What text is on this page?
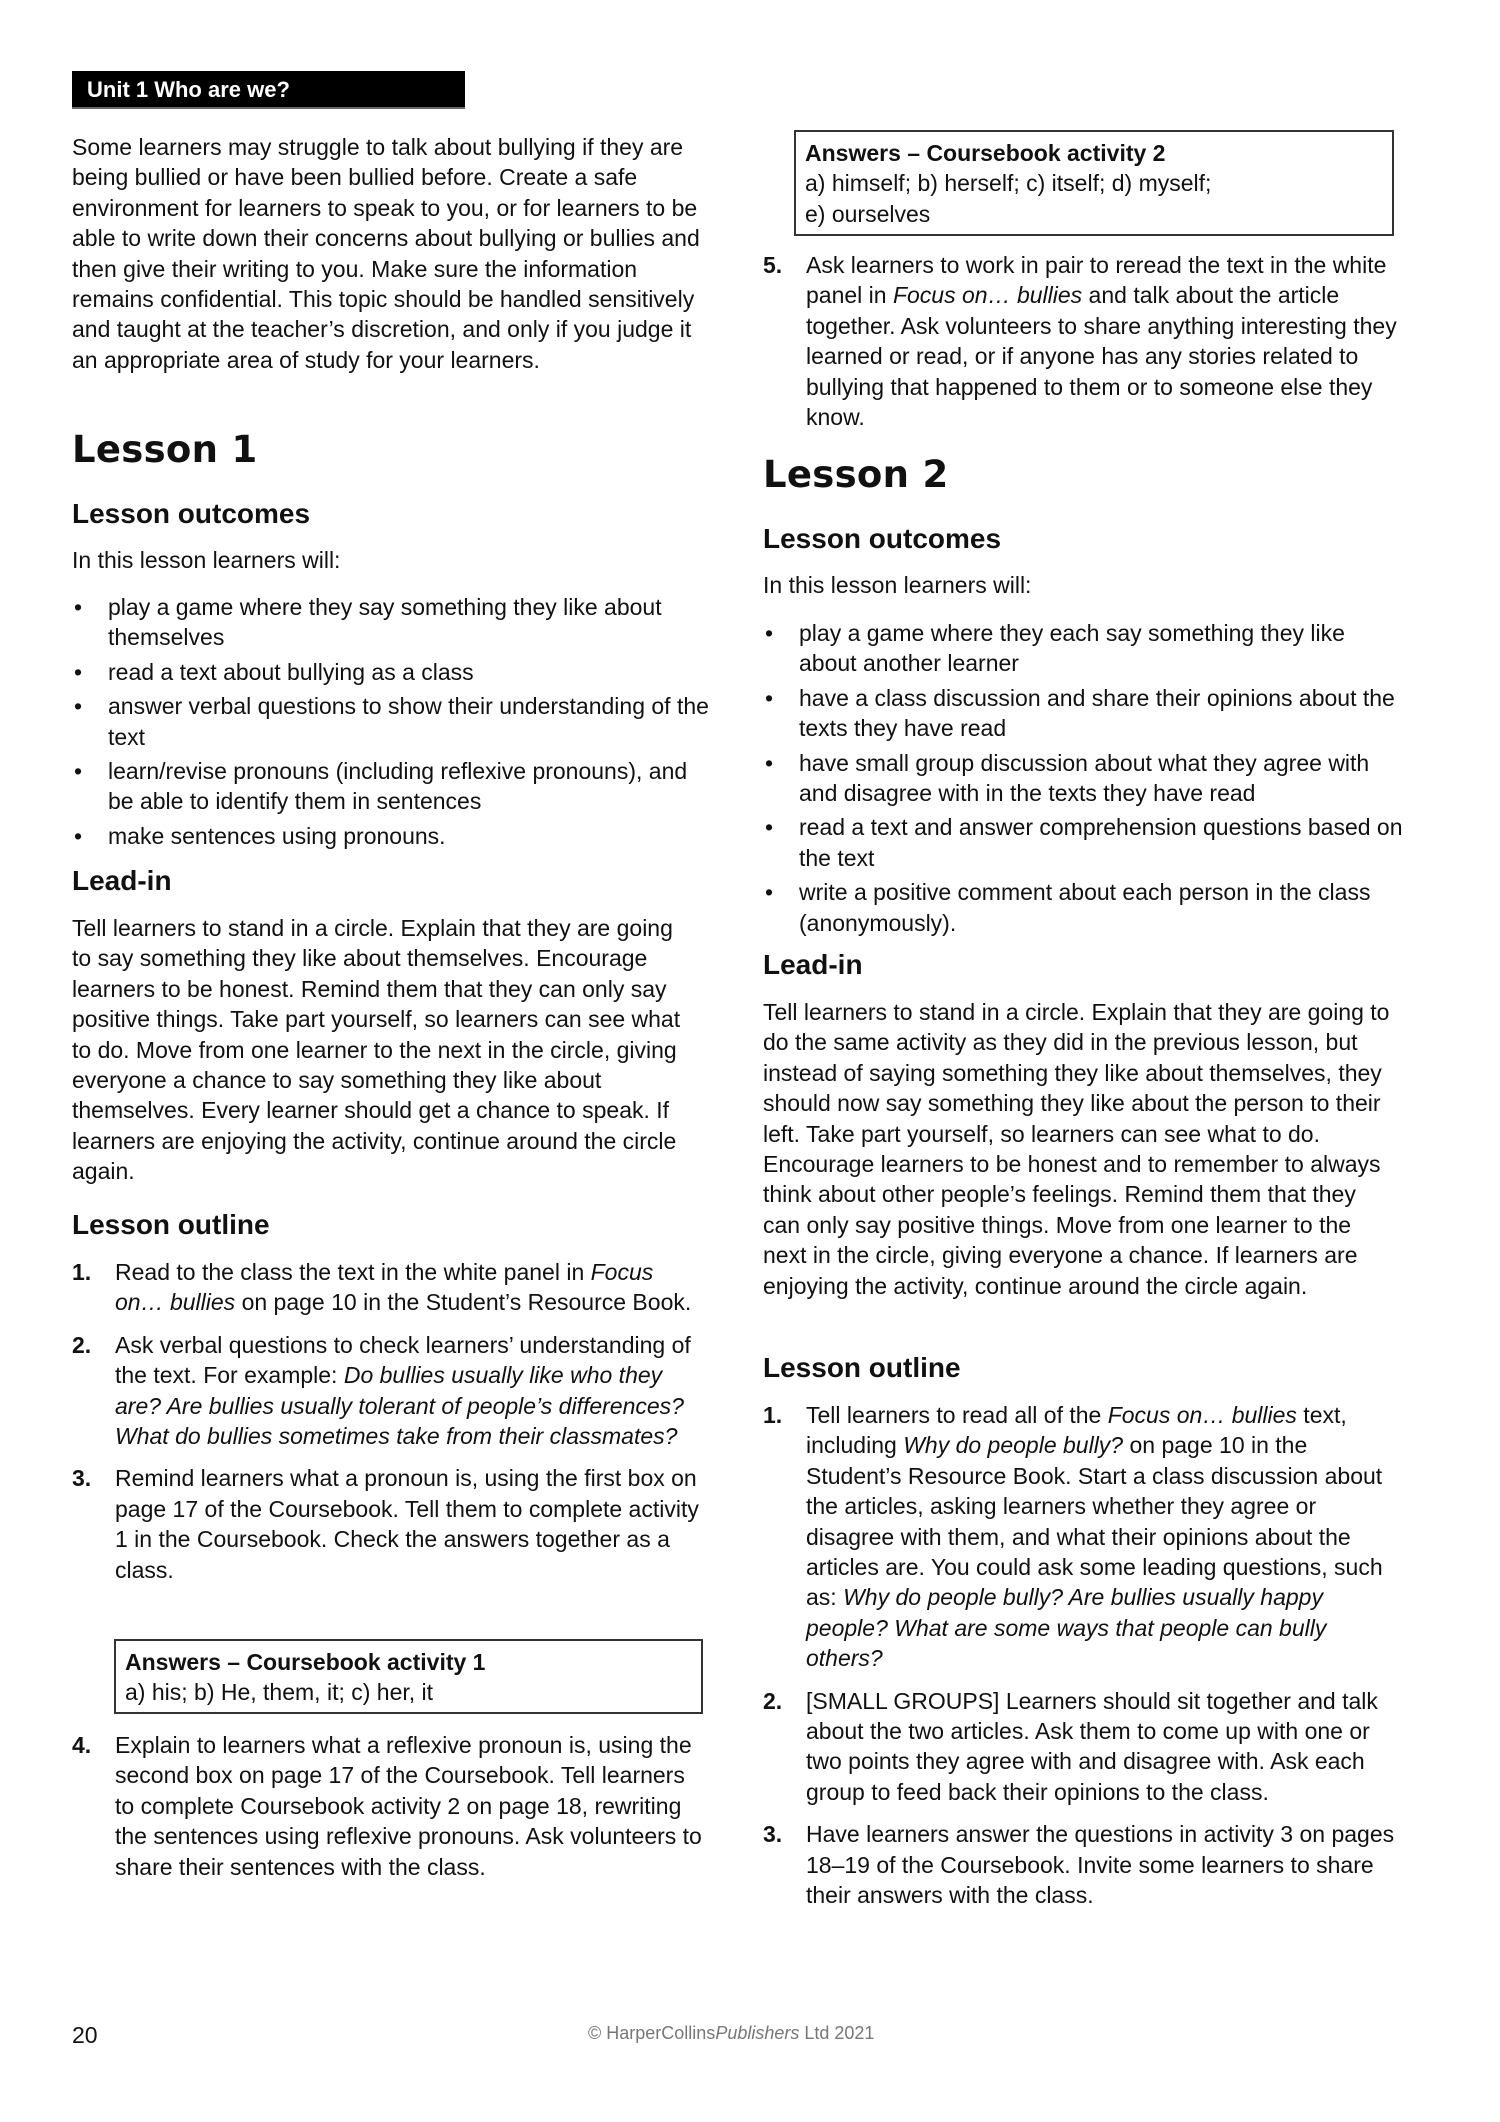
Unit 1 Who are we?

Some learners may struggle to talk about bullying if they are being bullied or have been bullied before. Create a safe environment for learners to speak to you, or for learners to be able to write down their concerns about bullying or bullies and then give their writing to you. Make sure the information remains confidential. This topic should be handled sensitively and taught at the teacher’s discretion, and only if you judge it an appropriate area of study for your learners.

Lesson 1
Lesson outcomes

In this lesson learners will:

• play a game where they say something they like about themselves
• read a text about bullying as a class
• answer verbal questions to show their understanding of the text
• learn/revise pronouns (including reflexive pronouns), and be able to identify them in sentences
• make sentences using pronouns.
Lead-in

Tell learners to stand in a circle. Explain that they are going to say something they like about themselves. Encourage learners to be honest. Remind them that they can only say positive things. Take part yourself, so learners can see what to do. Move from one learner to the next in the circle, giving everyone a chance to say something they like about themselves. Every learner should get a chance to speak. If learners are enjoying the activity, continue around the circle again.

Lesson outline
1. Read to the class the text in the white panel in Focus on… bullies on page 10 in the Student’s Resource Book.
2. Ask verbal questions to check learners’ understanding of the text. For example: Do bullies usually like who they are? Are bullies usually tolerant of people’s differences? What do bullies sometimes take from their classmates?
3. Remind learners what a pronoun is, using the first box on page 17 of the Coursebook. Tell them to complete activity 1 in the Coursebook. Check the answers together as a class.
Answers – Coursebook activity 1
a) his; b) He, them, it; c) her, it
4. Explain to learners what a reflexive pronoun is, using the second box on page 17 of the Coursebook. Tell learners to complete Coursebook activity 2 on page 18, rewriting the sentences using reflexive pronouns. Ask volunteers to share their sentences with the class.
Answers – Coursebook activity 2
a) himself; b) herself; c) itself; d) myself;
e) ourselves
5. Ask learners to work in pair to reread the text in the white panel in Focus on… bullies and talk about the article together. Ask volunteers to share anything interesting they learned or read, or if anyone has any stories related to bullying that happened to them or to someone else they know.
Lesson 2
Lesson outcomes

In this lesson learners will:

• play a game where they each say something they like about another learner
• have a class discussion and share their opinions about the texts they have read
• have small group discussion about what they agree with and disagree with in the texts they have read
• read a text and answer comprehension questions based on the text
• write a positive comment about each person in the class (anonymously).
Lead-in

Tell learners to stand in a circle. Explain that they are going to do the same activity as they did in the previous lesson, but instead of saying something they like about themselves, they should now say something they like about the person to their left. Take part yourself, so learners can see what to do. Encourage learners to be honest and to remember to always think about other people’s feelings. Remind them that they can only say positive things. Move from one learner to the next in the circle, giving everyone a chance. If learners are enjoying the activity, continue around the circle again.

Lesson outline
1. Tell learners to read all of the Focus on… bullies text, including Why do people bully? on page 10 in the Student’s Resource Book. Start a class discussion about the articles, asking learners whether they agree or disagree with them, and what their opinions about the articles are. You could ask some leading questions, such as: Why do people bully? Are bullies usually happy people? What are some ways that people can bully others?
2. [SMALL GROUPS] Learners should sit together and talk about the two articles. Ask them to come up with one or two points they agree with and disagree with. Ask each group to feed back their opinions to the class.
3. Have learners answer the questions in activity 3 on pages 18–19 of the Coursebook. Invite some learners to share their answers with the class.
20	© HarperCollinsPublishers Ltd 2021
